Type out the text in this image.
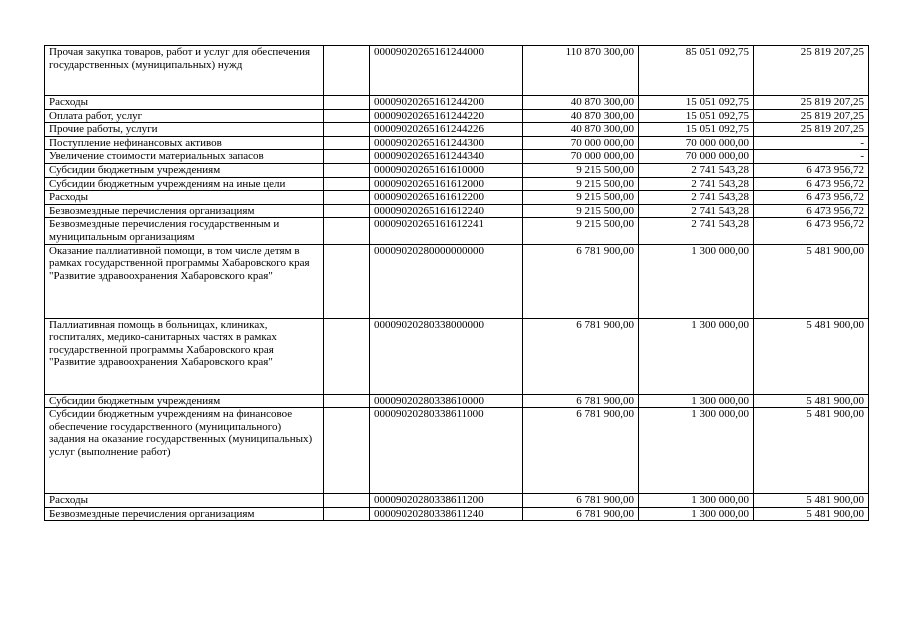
Прочая закупка товаров, работ и услуг для обеспечения государственных (муниципальных) нужд		00009020265161244000	110 870 300,00	85 051 092,75	25 819 207,25
Расходы		00009020265161244200	40 870 300,00	15 051 092,75	25 819 207,25
Оплата работ, услуг		00009020265161244220	40 870 300,00	15 051 092,75	25 819 207,25
Прочие работы, услуги		00009020265161244226	40 870 300,00	15 051 092,75	25 819 207,25
Поступление нефинансовых активов		00009020265161244300	70 000 000,00	70 000 000,00	-
Увеличение стоимости материальных запасов		00009020265161244340	70 000 000,00	70 000 000,00	-
Субсидии бюджетным учреждениям		00009020265161610000	9 215 500,00	2 741 543,28	6 473 956,72
Субсидии бюджетным учреждениям на иные цели		00009020265161612000	9 215 500,00	2 741 543,28	6 473 956,72
Расходы		00009020265161612200	9 215 500,00	2 741 543,28	6 473 956,72
Безвозмездные перечисления организациям		00009020265161612240	9 215 500,00	2 741 543,28	6 473 956,72
Безвозмездные перечисления государственным и муниципальным организациям		00009020265161612241	9 215 500,00	2 741 543,28	6 473 956,72
Оказание паллиативной помощи, в том числе детям в рамках государственной программы Хабаровского края "Развитие здравоохранения Хабаровского края"		00009020280000000000	6 781 900,00	1 300 000,00	5 481 900,00
Паллиативная помощь в больницах, клиниках, госпиталях, медико-санитарных частях в рамках государственной программы Хабаровского края "Развитие здравоохранения Хабаровского края"		00009020280338000000	6 781 900,00	1 300 000,00	5 481 900,00
Субсидии бюджетным учреждениям		00009020280338610000	6 781 900,00	1 300 000,00	5 481 900,00
Субсидии бюджетным учреждениям на финансовое обеспечение государственного (муниципального) задания на оказание государственных (муниципальных) услуг (выполнение работ)		00009020280338611000	6 781 900,00	1 300 000,00	5 481 900,00
Расходы		00009020280338611200	6 781 900,00	1 300 000,00	5 481 900,00
Безвозмездные перечисления организациям		00009020280338611240	6 781 900,00	1 300 000,00	5 481 900,00
